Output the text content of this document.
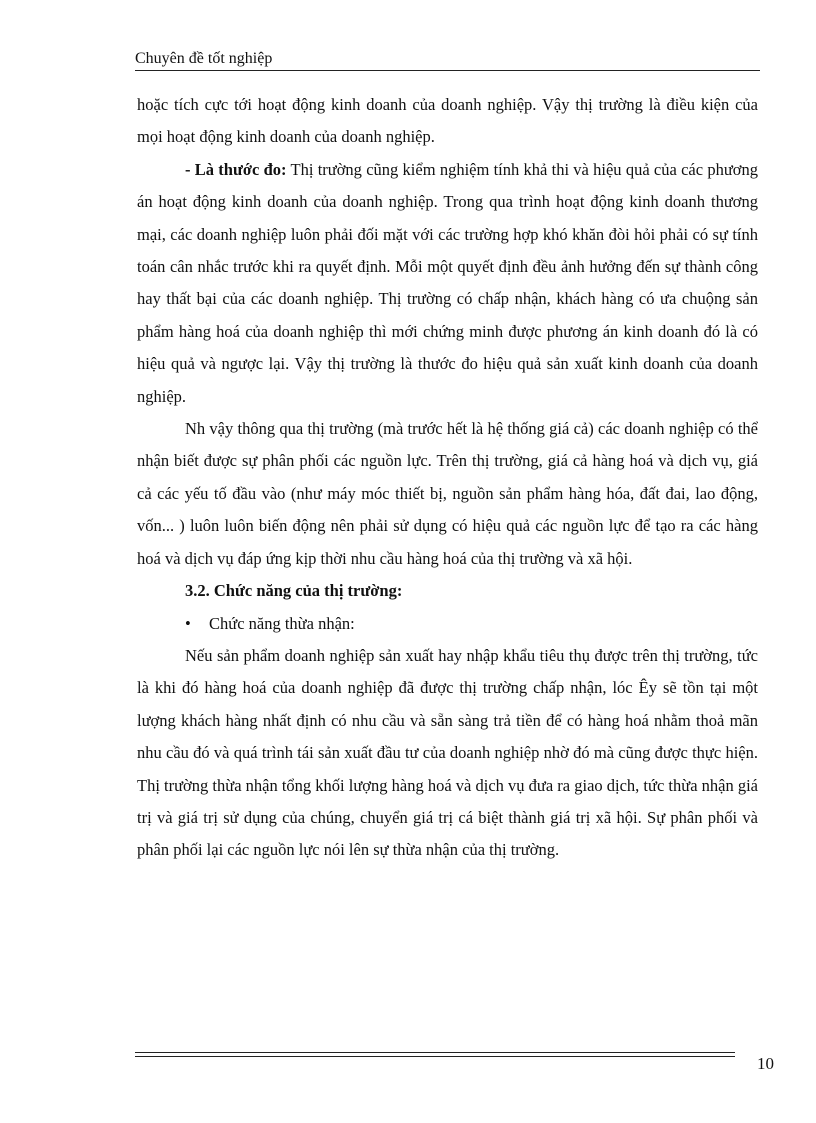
Chuyên đề tốt nghiệp

hoặc tích cực tới hoạt động kinh doanh của doanh nghiệp. Vậy thị trường là điều kiện của mọi hoạt động kinh doanh của doanh nghiệp.

- Là thước đo: Thị trường cũng kiểm nghiệm tính khả thi và hiệu quả của các phương án hoạt động kinh doanh của doanh nghiệp. Trong qua trình hoạt động kinh doanh thương mại, các doanh nghiệp luôn phải đối mặt với các trường hợp khó khăn đòi hỏi phải có sự tính toán cân nhắc trước khi ra quyết định. Mỗi một quyết định đều ảnh hưởng đến sự thành công hay thất bại của các doanh nghiệp. Thị trường có chấp nhận, khách hàng có ưa chuộng sản phẩm hàng hoá của doanh nghiệp thì mới chứng minh được phương án kinh doanh đó là có hiệu quả và ngược lại. Vậy thị trường là thước đo hiệu quả sản xuất kinh doanh của doanh nghiệp.

Nh vậy thông qua thị trường (mà trước hết là hệ thống giá cả) các doanh nghiệp có thể nhận biết được sự phân phối các nguồn lực. Trên thị trường, giá cả hàng hoá và dịch vụ, giá cả các yếu tố đầu vào (như máy móc thiết bị, nguồn sản phẩm hàng hóa, đất đai, lao động, vốn... ) luôn luôn biến động nên phải sử dụng có hiệu quả các nguồn lực để tạo ra các hàng hoá và dịch vụ đáp ứng kịp thời nhu cầu hàng hoá của thị trường và xã hội.

3.2. Chức năng của thị trường:

•	Chức năng thừa nhận:

Nếu sản phẩm doanh nghiệp sản xuất hay nhập khẩu tiêu thụ được trên thị trường, tức là khi đó hàng hoá của doanh nghiệp đã được thị trường chấp nhận, lóc Êy sẽ tồn tại một lượng khách hàng nhất định có nhu cầu và sẵn sàng trả tiền để có hàng hoá nhằm thoả mãn nhu cầu đó và quá trình tái sản xuất đầu tư của doanh nghiệp nhờ đó mà cũng được thực hiện. Thị trường thừa nhận tổng khối lượng hàng hoá và dịch vụ đưa ra giao dịch, tức thừa nhận giá trị và giá trị sử dụng của chúng, chuyển giá trị cá biệt thành giá trị xã hội. Sự phân phối và phân phối lại các nguồn lực nói lên sự thừa nhận của thị trường.

10
